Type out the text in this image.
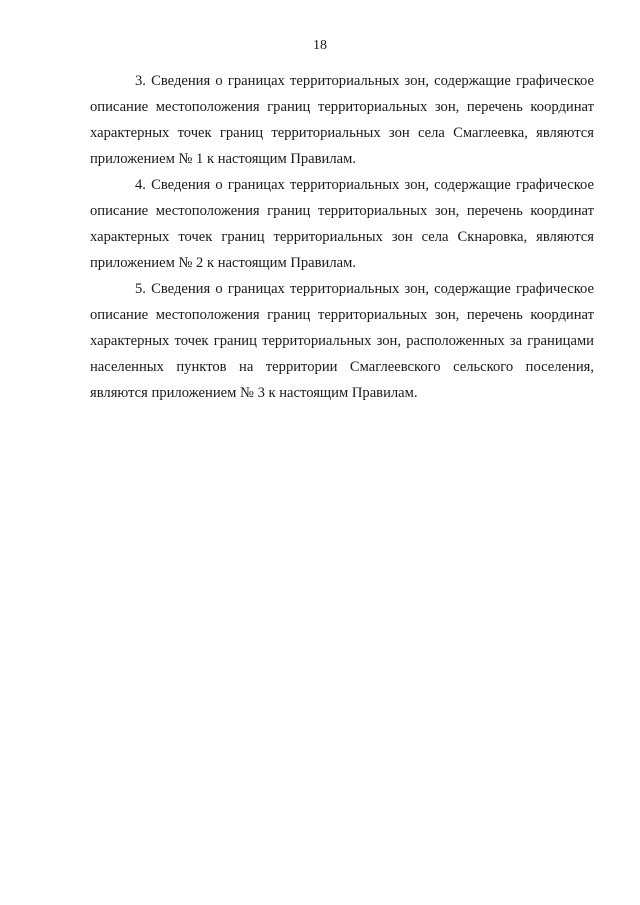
18

3. Сведения о границах территориальных зон, содержащие графическое описание местоположения границ территориальных зон, перечень координат характерных точек границ территориальных зон села Смаглеевка, являются приложением № 1 к настоящим Правилам.

4. Сведения о границах территориальных зон, содержащие графическое описание местоположения границ территориальных зон, перечень координат характерных точек границ территориальных зон села Скнаровка, являются приложением № 2 к настоящим Правилам.

5. Сведения о границах территориальных зон, содержащие графическое описание местоположения границ территориальных зон, перечень координат характерных точек границ территориальных зон, расположенных за границами населенных пунктов на территории Смаглеевского сельского поселения, являются приложением № 3 к настоящим Правилам.
